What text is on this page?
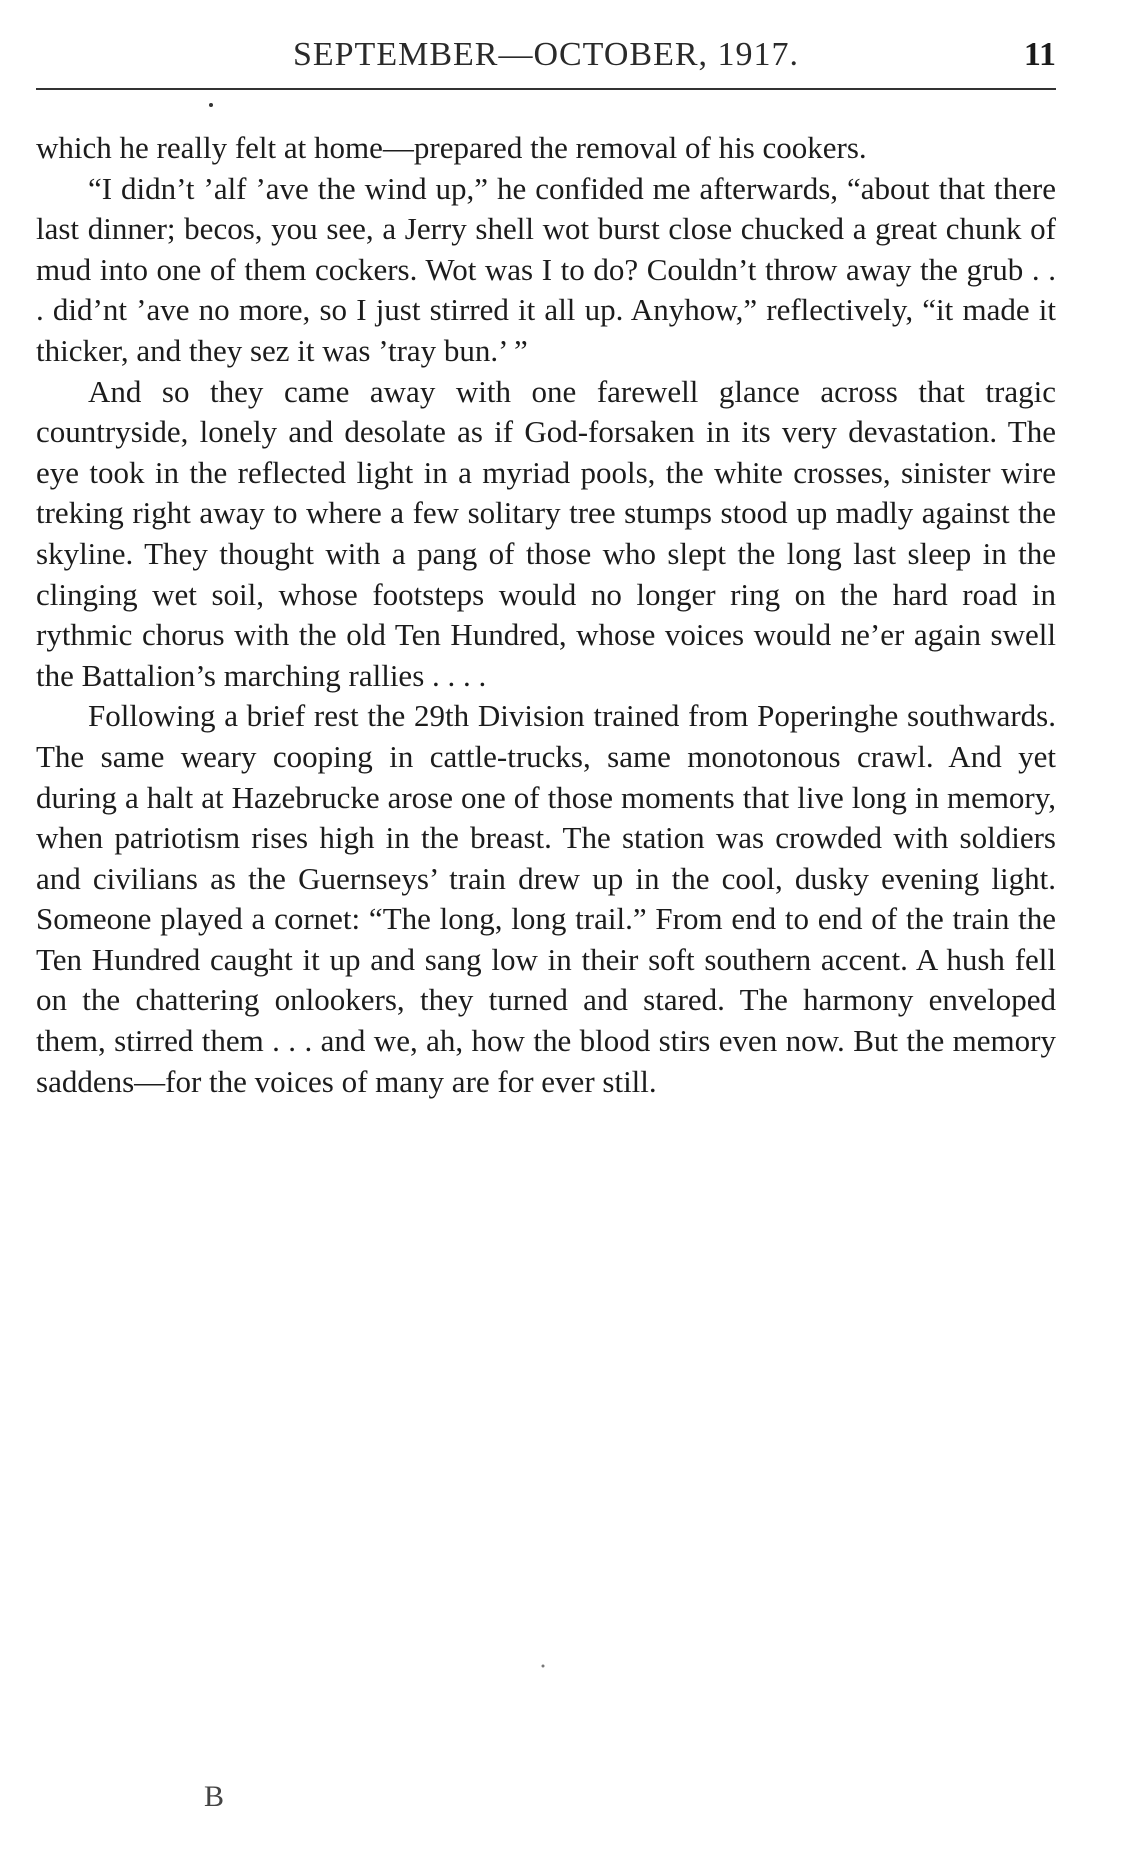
SEPTEMBER—OCTOBER, 1917.	11

which he really felt at home—prepared the removal of his cookers.

“I didn’t ’alf ’ave the wind up,” he confided me afterwards, “about that there last dinner; becos, you see, a Jerry shell wot burst close chucked a great chunk of mud into one of them cockers. Wot was I to do? Couldn’t throw away the grub . . . did’nt ’ave no more, so I just stirred it all up. Anyhow,” reflectively, “it made it thicker, and they sez it was ’tray bun.’ ”

And so they came away with one farewell glance across that tragic countryside, lonely and desolate as if God-forsaken in its very devastation. The eye took in the reflected light in a myriad pools, the white crosses, sinister wire treking right away to where a few solitary tree stumps stood up madly against the skyline. They thought with a pang of those who slept the long last sleep in the clinging wet soil, whose footsteps would no longer ring on the hard road in rythmic chorus with the old Ten Hundred, whose voices would ne’er again swell the Battalion’s marching rallies . . . .

Following a brief rest the 29th Division trained from Poperinghe southwards. The same weary cooping in cattle-trucks, same monotonous crawl. And yet during a halt at Hazebrucke arose one of those moments that live long in memory, when patriotism rises high in the breast. The station was crowded with soldiers and civilians as the Guernseys’ train drew up in the cool, dusky evening light. Someone played a cornet: “The long, long trail.” From end to end of the train the Ten Hundred caught it up and sang low in their soft southern accent. A hush fell on the chattering onlookers, they turned and stared. The harmony enveloped them, stirred them . . . and we, ah, how the blood stirs even now. But the memory saddens—for the voices of many are for ever still.

B
